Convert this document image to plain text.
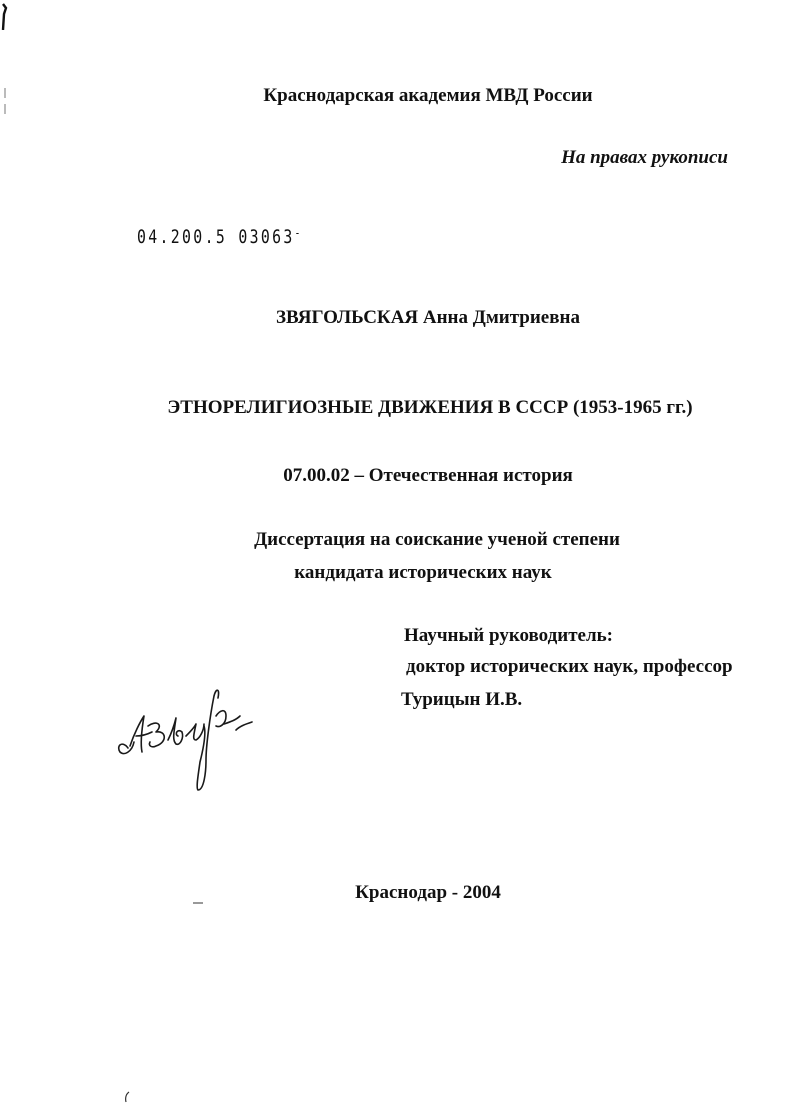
Краснодарская академия МВД России
На правах рукописи
04.200.5 03063-
ЗВЯГОЛЬСКАЯ Анна Дмитриевна
ЭТНОРЕЛИГИОЗНЫЕ ДВИЖЕНИЯ В СССР (1953-1965 гг.)
07.00.02 – Отечественная история
Диссертация на соискание ученой степени
кандидата исторических наук
Научный руководитель:
доктор исторических наук, профессор
Турицын И.В.
Краснодар - 2004
